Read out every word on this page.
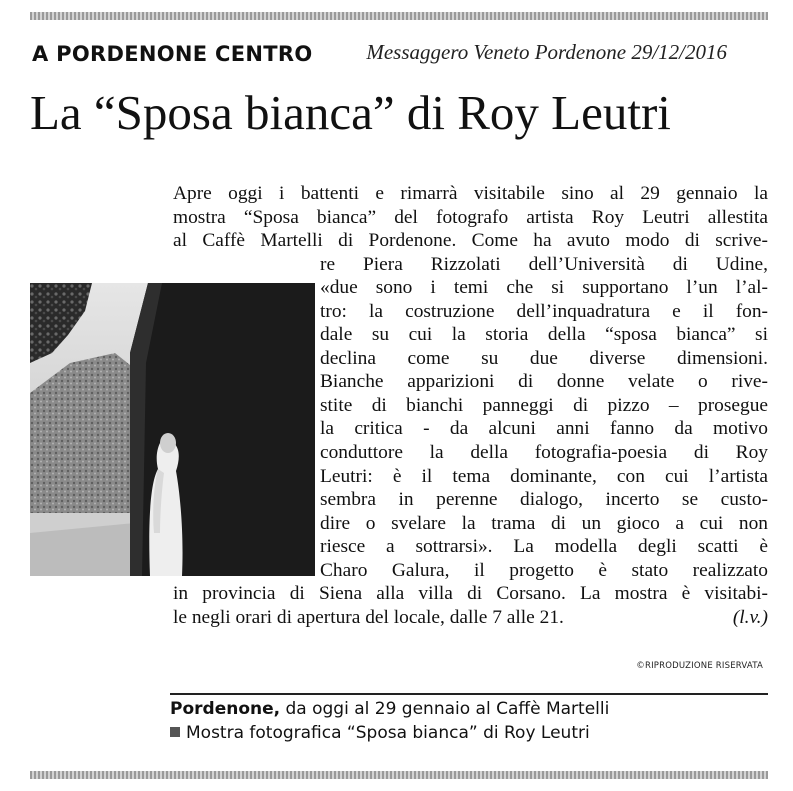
A PORDENONE CENTRO	Messaggero Veneto Pordenone 29/12/2016
La “Sposa bianca” di Roy Leutri
Apre oggi i battenti e rimarrà visitabile sino al 29 gennaio la
mostra “Sposa bianca” del fotografo artista Roy Leutri allestita
al Caffè Martelli di Pordenone. Come ha avuto modo di scrive-
re Piera Rizzolati dell’Università di Udine,
«due sono i temi che si supportano l’un l’al-
tro: la costruzione dell’inquadratura e il fon-
dale su cui la storia della “sposa bianca” si
declina come su due diverse dimensioni.
Bianche apparizioni di donne velate o rive-
stite di bianchi panneggi di pizzo – prosegue
la critica - da alcuni anni fanno da motivo
conduttore la della fotografia-poesia di Roy
Leutri: è il tema dominante, con cui l’artista
sembra in perenne dialogo, incerto se custo-
dire o svelare la trama di un gioco a cui non
riesce a sottrarsi». La modella degli scatti è
Charo Galura, il progetto è stato realizzato
in provincia di Siena alla villa di Corsano. La mostra è visitabi-
le negli orari di apertura del locale, dalle 7 alle 21.	(l.v.)
©RIPRODUZIONE RISERVATA
Pordenone, da oggi al 29 gennaio al Caffè Martelli
Mostra fotografica “Sposa bianca” di Roy Leutri
